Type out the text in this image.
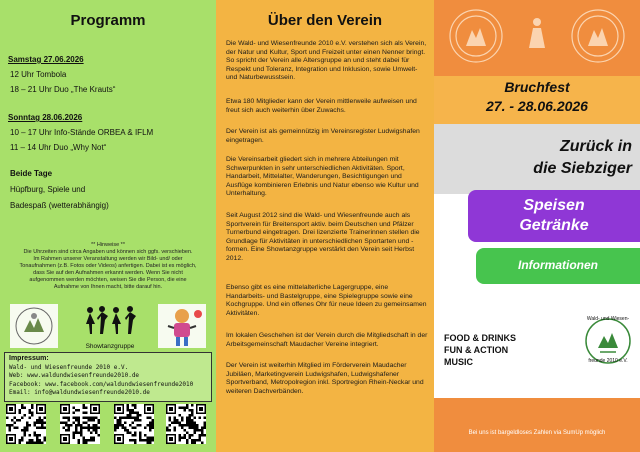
Programm
Samstag 27.06.2026
12 Uhr Tombola
18 – 21 Uhr Duo „The Krauts“
Sonntag 28.06.2026
10 – 17 Uhr Info-Stände ORBEA & IFLM
11 – 14 Uhr Duo „Why Not“
Beide Tage
Hüpfburg, Spiele und
Badespaß (wetterabhängig)
** Hinweise **
Die Uhrzeiten sind circa Angaben und können sich ggfs. verschieben.
Im Rahmen unserer Veranstaltung werden wir Bild- und/ oder
Tonaufnahmen (z.B. Fotos oder Videos) anfertigen. Dabei ist es möglich,
dass Sie auf den Aufnahmen erkannt werden. Wenn Sie nicht
aufgenommen werden möchten, weisen Sie die Person, die eine
Aufnahme von Ihnen macht, bitte darauf hin.
Showtanzgruppe
Impressum:
Wald- und Wiesenfreunde 2010 e.V.
Web: www.waldundwiesenfreunde2010.de
Facebook: www.facebook.com/waldundwiesenfreunde2010
Email: info@waldundwiesenfreunde2010.de
Über den Verein

Die Wald- und Wiesenfreunde 2010 e.V. verstehen sich als Verein, der Natur und Kultur, Sport und Freizeit unter einen Nenner bringt. So spricht der Verein alle Altersgruppe an und steht dabei für Respekt und Toleranz, Integration und Inklusion, sowie Umwelt- und Naturbewusstsein.

Etwa 180 Mitglieder kann der Verein mittlerweile aufweisen und freut sich auch weiterhin über Zuwachs.

Der Verein ist als gemeinnützig im Vereinsregister Ludwigshafen eingetragen.

Die Vereinsarbeit gliedert sich in mehrere Abteilungen mit Schwerpunkten in sehr unterschiedlichen Aktivitäten. Sport, Handarbeit, Mittelalter, Wanderungen, Besichtigungen und Ausflüge kombinieren Erlebnis und Natur ebenso wie Kultur und Unterhaltung.

Seit August 2012 sind die Wald- und Wiesenfreunde auch als Sportverein für Breitensport aktiv. beim Deutschen und Pfälzer Turnerbund eingetragen. Drei lizenzierte Trainerinnen stellen die Grundlage für Aktivitäten in unterschiedlichen Sportarten und -formen. Eine Showtanzgruppe verstärkt den Verein seit Herbst 2012.

Ebenso gibt es eine mittelalterliche Lagergruppe, eine Handarbeits- und Bastelgruppe, eine Spielegruppe sowie eine Kochgruppe. Und ein offenes Ohr für neue Ideen zu gemeinsamen Aktivitäten.

Im lokalen Geschehen ist der Verein durch die Mitgliedschaft in der Arbeitsgemeinschaft Maudacher Vereine integriert.

Der Verein ist weiterhin Mitglied im Förderverein Maudacher Jubiläen, Marketingverein Ludwigshafen, Ludwigshafener Sportverband, Metropolregion inkl. Sportregion Rhein-Neckar und weiteren Dachverbänden.

Bruchfest
27. - 28.06.2026
Zurück in
die Siebziger
Speisen
Getränke
Informationen
FOOD & DRINKS
FUN & ACTION
MUSIC
Wald- und Wiesen-
freunde 2010 e.V.
Bei uns ist bargeldloses Zahlen via SumUp möglich
